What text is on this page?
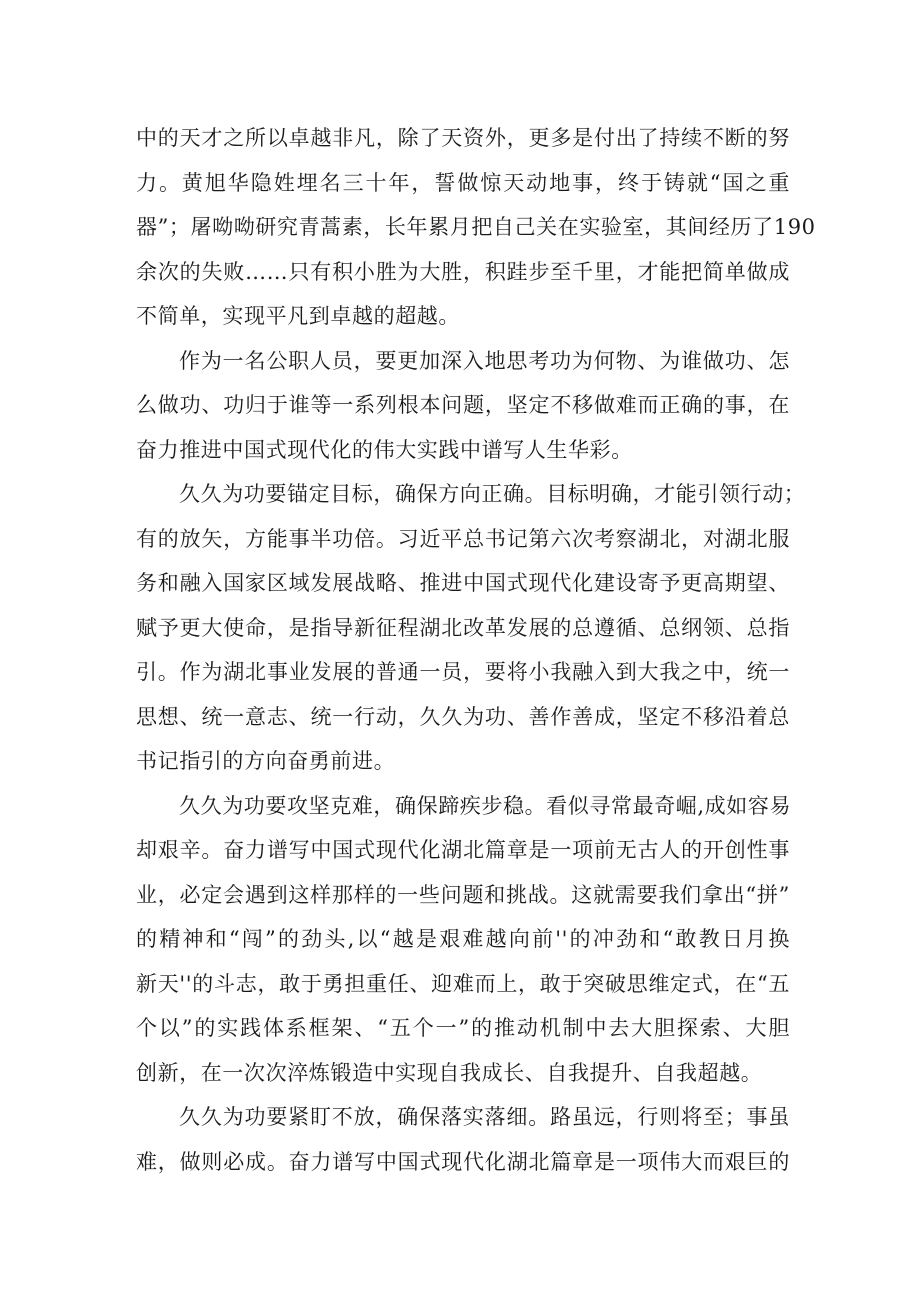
中的天才之所以卓越非凡，除了天资外，更多是付出了持续不断的努
力。黄旭华隐姓埋名三十年，誓做惊天动地事，终于铸就“国之重
器”；屠呦呦研究青蒿素，长年累月把自己关在实验室，其间经历了190
余次的失败……只有积小胜为大胜，积跬步至千里，才能把简单做成
不简单，实现平凡到卓越的超越。

作为一名公职人员，要更加深入地思考功为何物、为谁做功、怎
么做功、功归于谁等一系列根本问题，坚定不移做难而正确的事，在
奋力推进中国式现代化的伟大实践中谱写人生华彩。

久久为功要锚定目标，确保方向正确。目标明确，才能引领行动；
有的放矢，方能事半功倍。习近平总书记第六次考察湖北，对湖北服
务和融入国家区域发展战略、推进中国式现代化建设寄予更高期望、
赋予更大使命，是指导新征程湖北改革发展的总遵循、总纲领、总指
引。作为湖北事业发展的普通一员，要将小我融入到大我之中，统一
思想、统一意志、统一行动，久久为功、善作善成，坚定不移沿着总
书记指引的方向奋勇前进。

久久为功要攻坚克难，确保蹄疾步稳。看似寻常最奇崛,成如容易
却艰辛。奋力谱写中国式现代化湖北篇章是一项前无古人的开创性事
业，必定会遇到这样那样的一些问题和挑战。这就需要我们拿出“拼”
的精神和“闯”的劲头,以“越是艰难越向前''的冲劲和“敢教日月换
新天''的斗志，敢于勇担重任、迎难而上，敢于突破思维定式，在“五
个以”的实践体系框架、“五个一”的推动机制中去大胆探索、大胆
创新，在一次次淬炼锻造中实现自我成长、自我提升、自我超越。

久久为功要紧盯不放，确保落实落细。路虽远，行则将至；事虽
难，做则必成。奋力谱写中国式现代化湖北篇章是一项伟大而艰巨的
